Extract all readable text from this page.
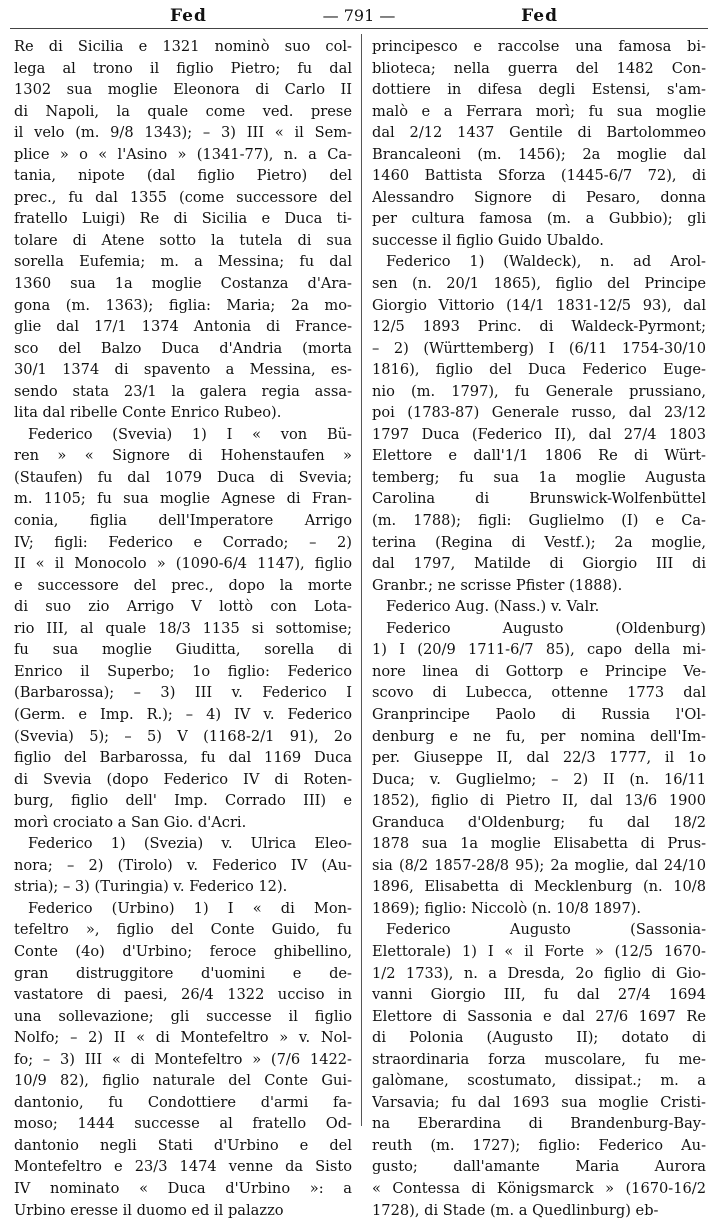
Fed	— 791 —	Fed
Re di Sicilia e 1321 nominò suo col-
lega al trono il figlio Pietro; fu dal
1302 sua moglie Eleonora di Carlo II
di Napoli, la quale come ved. prese
il velo (m. 9/8 1343); – 3) III « il Sem-
plice » o « l'Asino » (1341-77), n. a Ca-
tania, nipote (dal figlio Pietro) del
prec., fu dal 1355 (come successore del
fratello Luigi) Re di Sicilia e Duca ti-
tolare di Atene sotto la tutela di sua
sorella Eufemia; m. a Messina; fu dal
1360 sua 1a moglie Costanza d'Ara-
gona (m. 1363); figlia: Maria; 2a mo-
glie dal 17/1 1374 Antonia di France-
sco del Balzo Duca d'Andria (morta
30/1 1374 di spavento a Messina, es-
sendo stata 23/1 la galera regia assa-
lita dal ribelle Conte Enrico Rubeo).
Federico (Svevia) 1) I « von Bü-
ren » « Signore di Hohenstaufen »
(Staufen) fu dal 1079 Duca di Svevia;
m. 1105; fu sua moglie Agnese di Fran-
conia, figlia dell'Imperatore Arrigo
IV; figli: Federico e Corrado; – 2)
II « il Monocolo » (1090-6/4 1147), figlio
e successore del prec., dopo la morte
di suo zio Arrigo V lottò con Lota-
rio III, al quale 18/3 1135 si sottomise;
fu sua moglie Giuditta, sorella di
Enrico il Superbo; 1o figlio: Federico
(Barbarossa); – 3) III v. Federico I
(Germ. e Imp. R.); – 4) IV v. Federico
(Svevia) 5); – 5) V (1168-2/1 91), 2o
figlio del Barbarossa, fu dal 1169 Duca
di Svevia (dopo Federico IV di Roten-
burg, figlio dell' Imp. Corrado III) e
morì crociato a San Gio. d'Acri.
Federico 1) (Svezia) v. Ulrica Eleo-
nora; – 2) (Tirolo) v. Federico IV (Au-
stria); – 3) (Turingia) v. Federico 12).
Federico (Urbino) 1) I « di Mon-
tefeltro », figlio del Conte Guido, fu
Conte (4o) d'Urbino; feroce ghibellino,
gran distruggitore d'uomini e de-
vastatore di paesi, 26/4 1322 ucciso in
una sollevazione; gli successe il figlio
Nolfo; – 2) II « di Montefeltro » v. Nol-
fo; – 3) III « di Montefeltro » (7/6 1422-
10/9 82), figlio naturale del Conte Gui-
dantonio, fu Condottiere d'armi fa-
moso; 1444 successe al fratello Od-
dantonio negli Stati d'Urbino e del
Montefeltro e 23/3 1474 venne da Sisto
IV nominato « Duca d'Urbino »: a
Urbino eresse il duomo ed il palazzo
principesco e raccolse una famosa bi-
blioteca; nella guerra del 1482 Con-
dottiere in difesa degli Estensi, s'am-
malò e a Ferrara morì; fu sua moglie
dal 2/12 1437 Gentile di Bartolommeo
Brancaleoni (m. 1456); 2a moglie dal
1460 Battista Sforza (1445-6/7 72), di
Alessandro Signore di Pesaro, donna
per cultura famosa (m. a Gubbio); gli
successe il figlio Guido Ubaldo.
Federico 1) (Waldeck), n. ad Arol-
sen (n. 20/1 1865), figlio del Principe
Giorgio Vittorio (14/1 1831-12/5 93), dal
12/5 1893 Princ. di Waldeck-Pyrmont;
– 2) (Württemberg) I (6/11 1754-30/10
1816), figlio del Duca Federico Euge-
nio (m. 1797), fu Generale prussiano,
poi (1783-87) Generale russo, dal 23/12
1797 Duca (Federico II), dal 27/4 1803
Elettore e dall'1/1 1806 Re di Würt-
temberg; fu sua 1a moglie Augusta
Carolina di Brunswick-Wolfenbüttel
(m. 1788); figli: Guglielmo (I) e Ca-
terina (Regina di Vestf.); 2a moglie,
dal 1797, Matilde di Giorgio III di
Granbr.; ne scrisse Pfister (1888).
Federico Aug. (Nass.) v. Valr.
Federico Augusto (Oldenburg)
1) I (20/9 1711-6/7 85), capo della mi-
nore linea di Gottorp e Principe Ve-
scovo di Lubecca, ottenne 1773 dal
Granprincipe Paolo di Russia l'Ol-
denburg e ne fu, per nomina dell'Im-
per. Giuseppe II, dal 22/3 1777, il 1o
Duca; v. Guglielmo; – 2) II (n. 16/11
1852), figlio di Pietro II, dal 13/6 1900
Granduca d'Oldenburg; fu dal 18/2
1878 sua 1a moglie Elisabetta di Prus-
sia (8/2 1857-28/8 95); 2a moglie, dal 24/10
1896, Elisabetta di Mecklenburg (n. 10/8
1869); figlio: Niccolò (n. 10/8 1897).
Federico Augusto (Sassonia-
Elettorale) 1) I « il Forte » (12/5 1670-
1/2 1733), n. a Dresda, 2o figlio di Gio-
vanni Giorgio III, fu dal 27/4 1694
Elettore di Sassonia e dal 27/6 1697 Re
di Polonia (Augusto II); dotato di
straordinaria forza muscolare, fu me-
galòmane, scostumato, dissipat.; m. a
Varsavia; fu dal 1693 sua moglie Cristi-
na Eberardina di Brandenburg-Bay-
reuth (m. 1727); figlio: Federico Au-
gusto; dall'amante Maria Aurora
« Contessa di Königsmarck » (1670-16/2
1728), di Stade (m. a Quedlinburg) eb-
